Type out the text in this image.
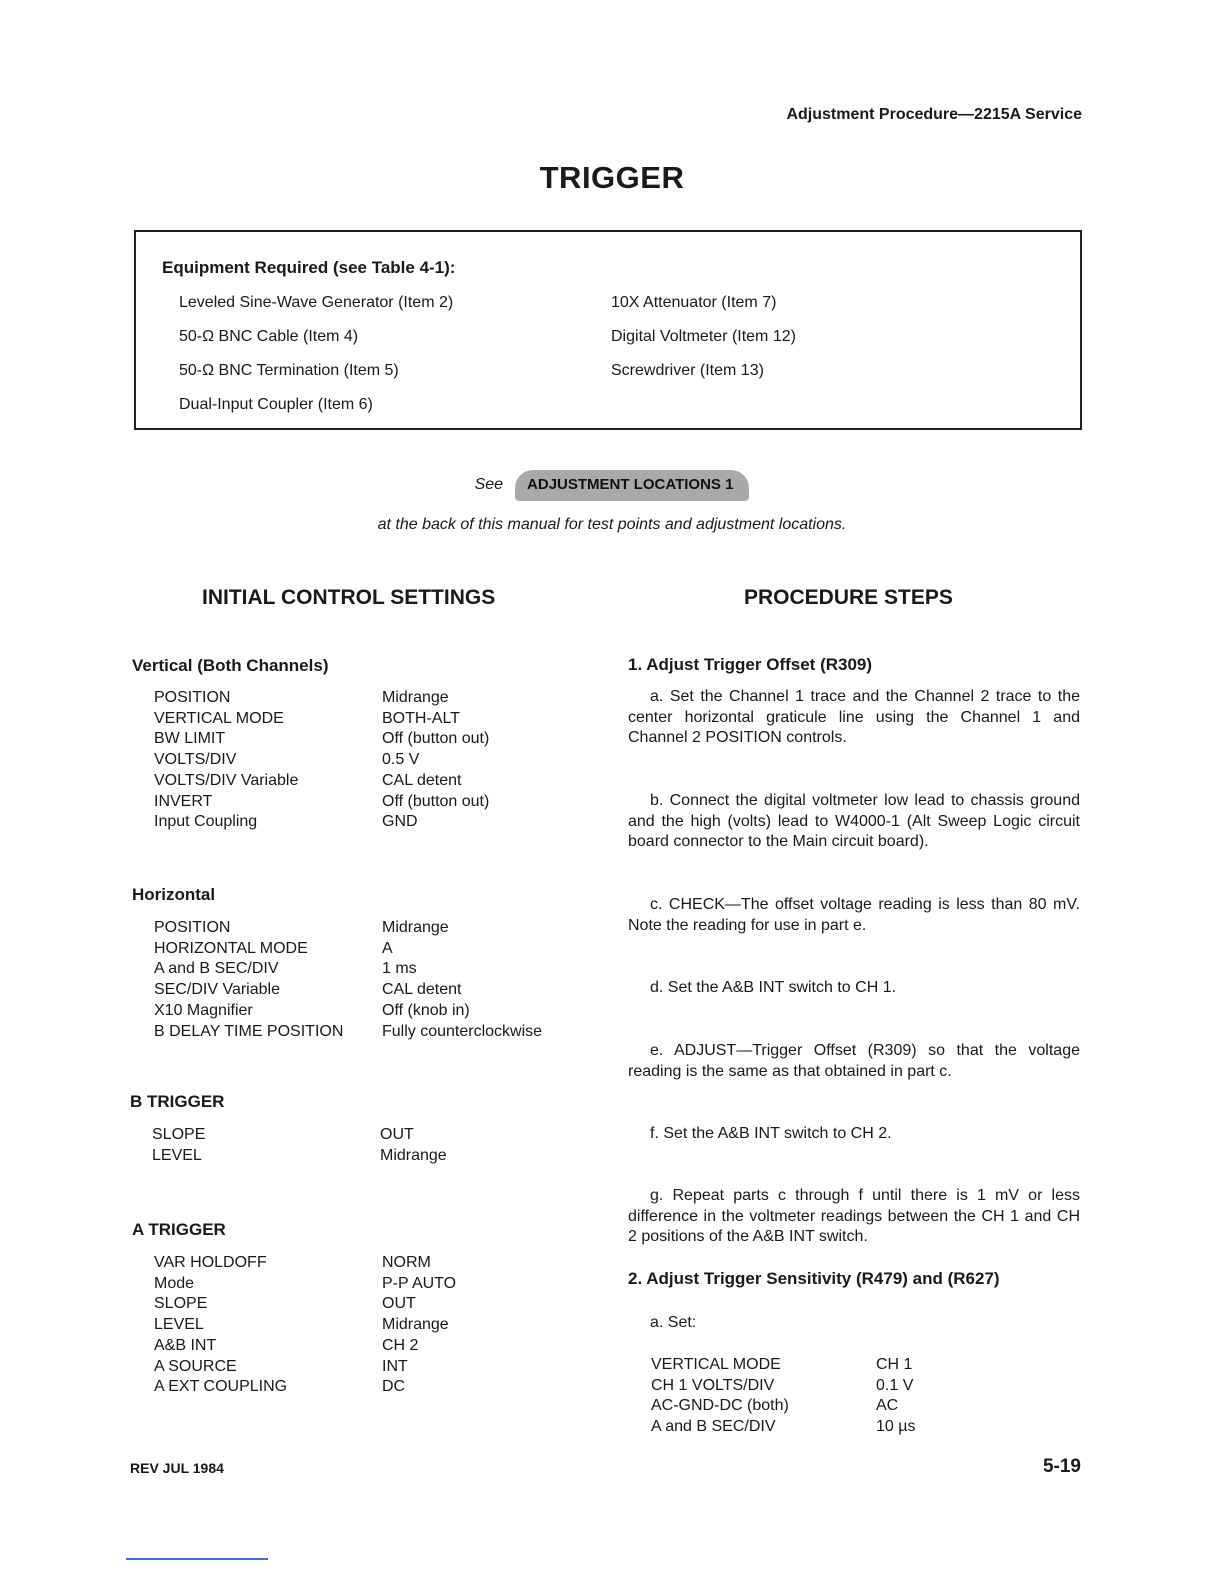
Adjustment Procedure—2215A Service
TRIGGER
Equipment Required (see Table 4-1):
Leveled Sine-Wave Generator (Item 2)
50-Ω BNC Cable (Item 4)
50-Ω BNC Termination (Item 5)
Dual-Input Coupler (Item 6)
10X Attenuator (Item 7)
Digital Voltmeter (Item 12)
Screwdriver (Item 13)
See ADJUSTMENT LOCATIONS 1
at the back of this manual for test points and adjustment locations.
INITIAL CONTROL SETTINGS
Vertical (Both Channels)
POSITION	Midrange
VERTICAL MODE	BOTH-ALT
BW LIMIT	Off (button out)
VOLTS/DIV	0.5 V
VOLTS/DIV Variable	CAL detent
INVERT	Off (button out)
Input Coupling	GND
Horizontal
POSITION	Midrange
HORIZONTAL MODE	A
A and B SEC/DIV	1 ms
SEC/DIV Variable	CAL detent
X10 Magnifier	Off (knob in)
B DELAY TIME POSITION	Fully counterclockwise
B TRIGGER
SLOPE	OUT
LEVEL	Midrange
A TRIGGER
VAR HOLDOFF	NORM
Mode	P-P AUTO
SLOPE	OUT
LEVEL	Midrange
A&B INT	CH 2
A SOURCE	INT
A EXT COUPLING	DC
PROCEDURE STEPS
1. Adjust Trigger Offset (R309)
a. Set the Channel 1 trace and the Channel 2 trace to the center horizontal graticule line using the Channel 1 and Channel 2 POSITION controls.
b. Connect the digital voltmeter low lead to chassis ground and the high (volts) lead to W4000-1 (Alt Sweep Logic circuit board connector to the Main circuit board).
c. CHECK—The offset voltage reading is less than 80 mV. Note the reading for use in part e.
d. Set the A&B INT switch to CH 1.
e. ADJUST—Trigger Offset (R309) so that the voltage reading is the same as that obtained in part c.
f. Set the A&B INT switch to CH 2.
g. Repeat parts c through f until there is 1 mV or less difference in the voltmeter readings between the CH 1 and CH 2 positions of the A&B INT switch.
2. Adjust Trigger Sensitivity (R479) and (R627)
a. Set:
VERTICAL MODE	CH 1
CH 1 VOLTS/DIV	0.1 V
AC-GND-DC (both)	AC
A and B SEC/DIV	10 µs
REV JUL 1984	5-19
